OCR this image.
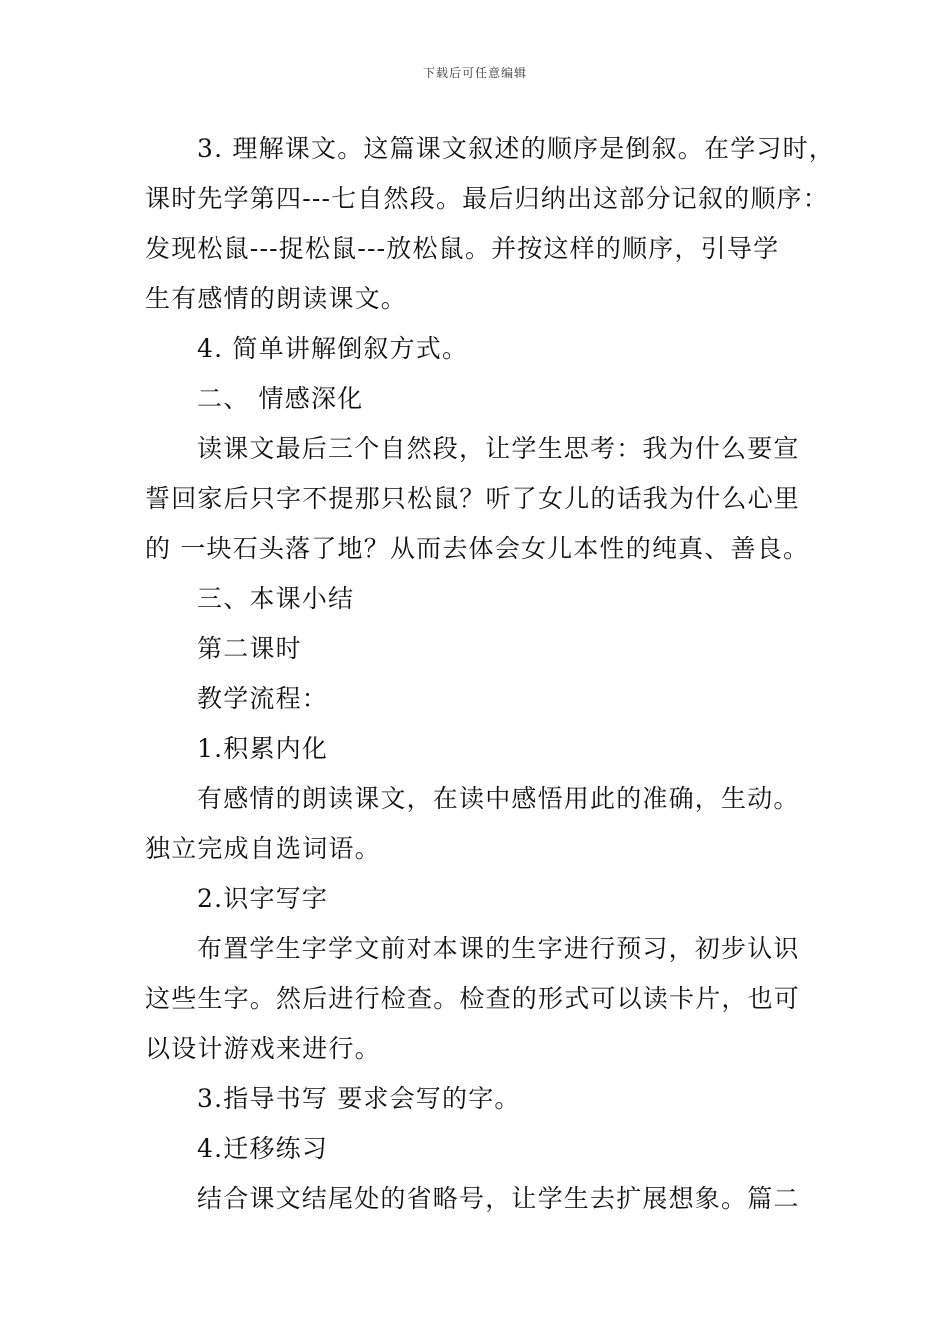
下载后可任意编辑

3. 理解课文。这篇课文叙述的顺序是倒叙。在学习时，

课时先学第四---七自然段。最后归纳出这部分记叙的顺序：

发现松鼠---捉松鼠---放松鼠。并按这样的顺序，引导学

生有感情的朗读课文。

4. 简单讲解倒叙方式。

二、 情感深化

读课文最后三个自然段，让学生思考：我为什么要宣

誓回家后只字不提那只松鼠？听了女儿的话我为什么心里

的 一块石头落了地？从而去体会女儿本性的纯真、善良。

三、本课小结

第二课时

教学流程：

1.积累内化

有感情的朗读课文，在读中感悟用此的准确，生动。

独立完成自选词语。

2.识字写字

布置学生字学文前对本课的生字进行预习，初步认识

这些生字。然后进行检查。检查的形式可以读卡片，也可

以设计游戏来进行。

3.指导书写 要求会写的字。

4.迁移练习

结合课文结尾处的省略号，让学生去扩展想象。篇二
